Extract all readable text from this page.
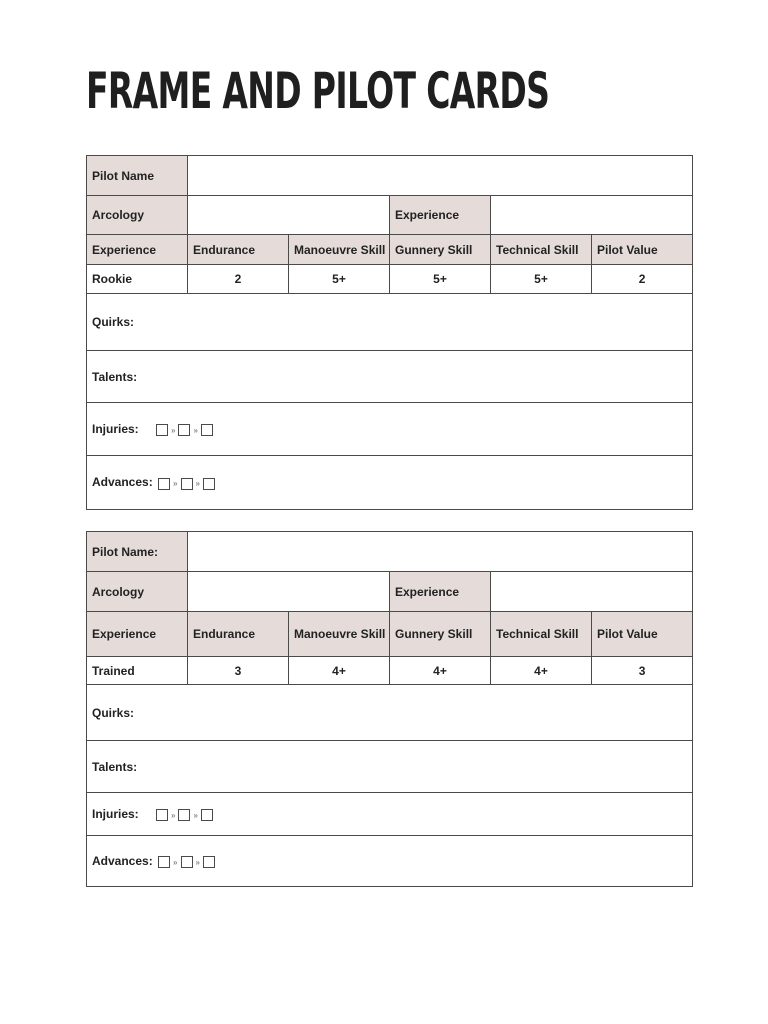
FRAME AND PILOT CARDS
Pilot Name					
Arcology			Experience		
Experience	Endurance	Manoeuvre Skill	Gunnery Skill	Technical Skill	Pilot Value
Rookie	2	5+	5+	5+	2
Quirks:					
Talents:					
Injuries: » »					
Advances: » »					
Pilot Name:					
Arcology			Experience		
Experience	Endurance	Manoeuvre Skill	Gunnery Skill	Technical Skill	Pilot Value
Trained	3	4+	4+	4+	3
Quirks:					
Talents:					
Injuries: » »					
Advances: » »					
